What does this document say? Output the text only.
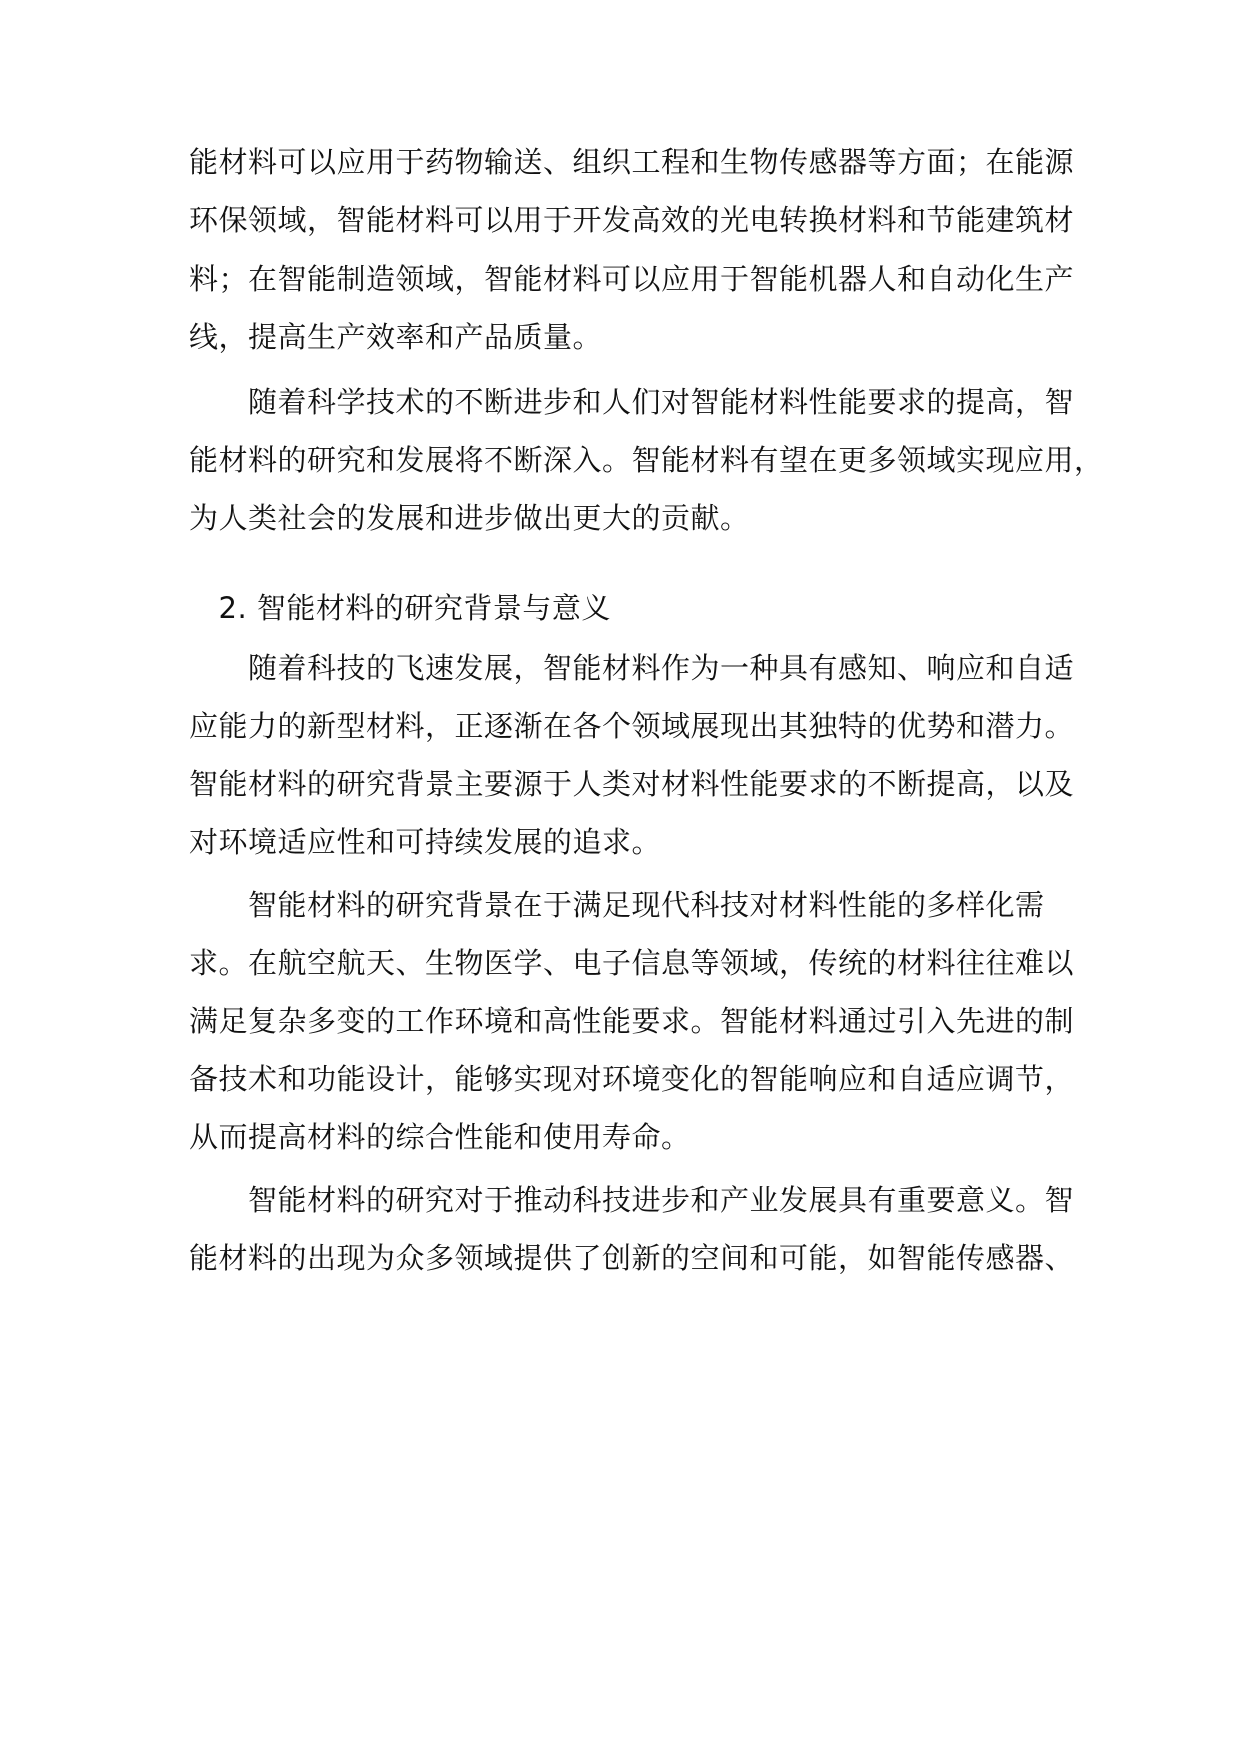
能材料可以应用于药物输送、组织工程和生物传感器等方面；在能源
环保领域，智能材料可以用于开发高效的光电转换材料和节能建筑材
料；在智能制造领域，智能材料可以应用于智能机器人和自动化生产
线，提高生产效率和产品质量。
　　随着科学技术的不断进步和人们对智能材料性能要求的提高，智
能材料的研究和发展将不断深入。智能材料有望在更多领域实现应用，
为人类社会的发展和进步做出更大的贡献。
　2. 智能材料的研究背景与意义
　　随着科技的飞速发展，智能材料作为一种具有感知、响应和自适
应能力的新型材料，正逐渐在各个领域展现出其独特的优势和潜力。
智能材料的研究背景主要源于人类对材料性能要求的不断提高，以及
对环境适应性和可持续发展的追求。
　　智能材料的研究背景在于满足现代科技对材料性能的多样化需
求。在航空航天、生物医学、电子信息等领域，传统的材料往往难以
满足复杂多变的工作环境和高性能要求。智能材料通过引入先进的制
备技术和功能设计，能够实现对环境变化的智能响应和自适应调节，
从而提高材料的综合性能和使用寿命。
　　智能材料的研究对于推动科技进步和产业发展具有重要意义。智
能材料的出现为众多领域提供了创新的空间和可能，如智能传感器、
